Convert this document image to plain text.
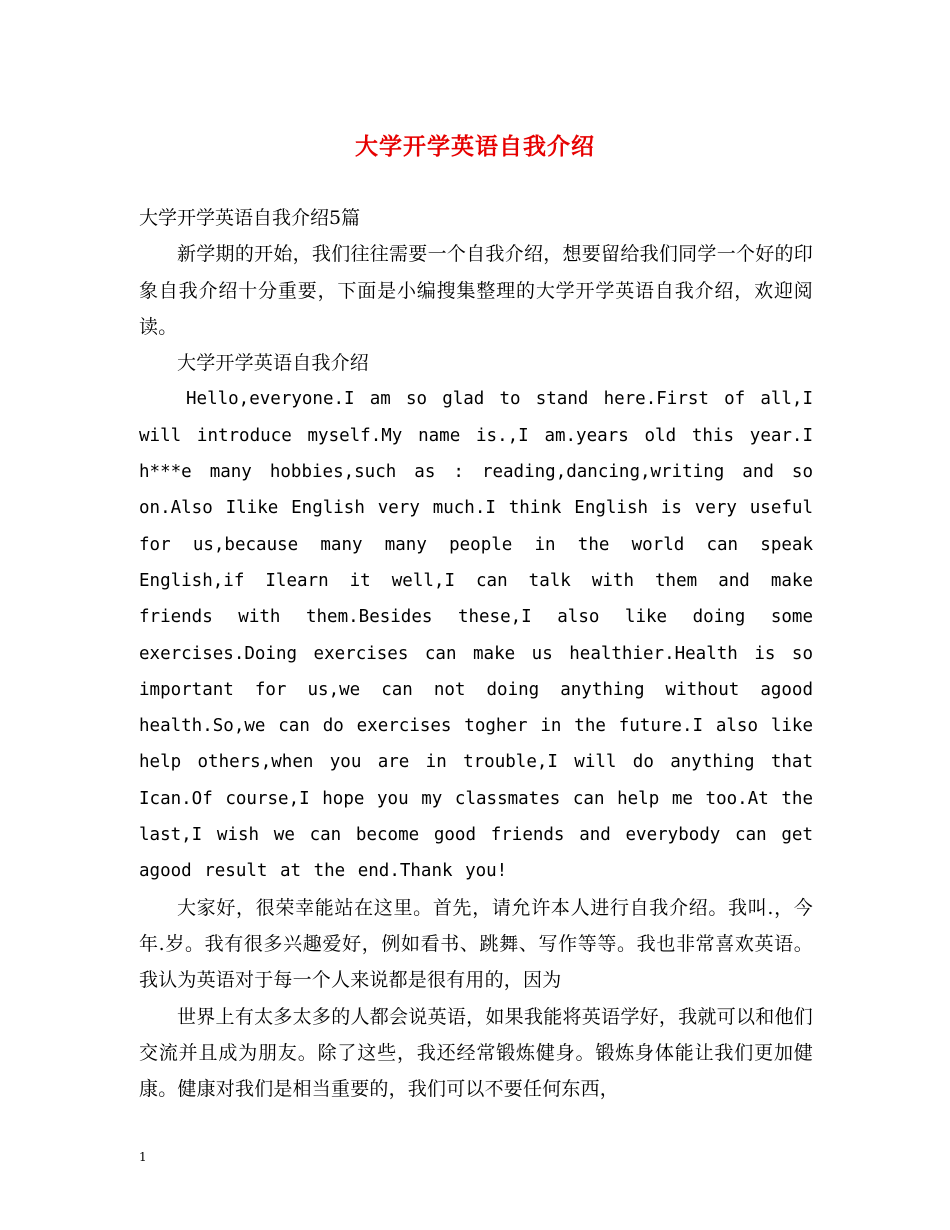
大学开学英语自我介绍

大学开学英语自我介绍5篇

新学期的开始，我们往往需要一个自我介绍，想要留给我们同学一个好的印象自我介绍十分重要，下面是小编搜集整理的大学开学英语自我介绍，欢迎阅读。

大学开学英语自我介绍

Hello,everyone.I am so glad to stand here.First of all,I will introduce myself.My name is.,I am.years old this year.I h***e many hobbies,such as : reading,dancing,writing and so on.Also Ilike English very much.I think English is very useful for us,because many many people in the world can speak English,if Ilearn it well,I can talk with them and make friends with them.Besides these,I also like doing some exercises.Doing exercises can make us healthier.Health is so important for us,we can not doing anything without agood health.So,we can do exercises togher in the future.I also like help others,when you are in trouble,I will do anything that Ican.Of course,I hope you my classmates can help me too.At the last,I wish we can become good friends and everybody can get agood result at the end.Thank you!

大家好，很荣幸能站在这里。首先，请允许本人进行自我介绍。我叫.，今年.岁。我有很多兴趣爱好，例如看书、跳舞、写作等等。我也非常喜欢英语。我认为英语对于每一个人来说都是很有用的，因为

世界上有太多太多的人都会说英语，如果我能将英语学好，我就可以和他们交流并且成为朋友。除了这些，我还经常锻炼健身。锻炼身体能让我们更加健康。健康对我们是相当重要的，我们可以不要任何东西，

1
